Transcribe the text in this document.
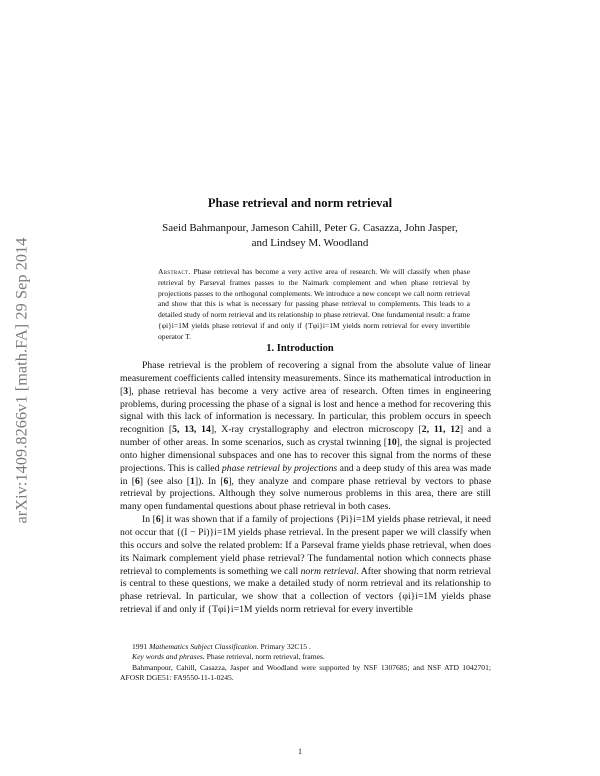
arXiv:1409.8266v1 [math.FA] 29 Sep 2014
Phase retrieval and norm retrieval
Saeid Bahmanpour, Jameson Cahill, Peter G. Casazza, John Jasper,
and Lindsey M. Woodland
Abstract. Phase retrieval has become a very active area of research. We will classify when phase retrieval by Parseval frames passes to the Naimark complement and when phase retrieval by projections passes to the orthogonal complements. We introduce a new concept we call norm retrieval and show that this is what is necessary for passing phase retrieval to complements. This leads to a detailed study of norm retrieval and its relationship to phase retrieval. One fundamental result: a frame {φi}i=1M yields phase retrieval if and only if {Tφi}i=1M yields norm retrieval for every invertible operator T.
1. Introduction

Phase retrieval is the problem of recovering a signal from the absolute value of linear measurement coefficients called intensity measurements. Since its mathematical introduction in [3], phase retrieval has become a very active area of research. Often times in engineering problems, during processing the phase of a signal is lost and hence a method for recovering this signal with this lack of information is necessary. In particular, this problem occurs in speech recognition [5, 13, 14], X-ray crystallography and electron microscopy [2, 11, 12] and a number of other areas. In some scenarios, such as crystal twinning [10], the signal is projected onto higher dimensional subspaces and one has to recover this signal from the norms of these projections. This is called phase retrieval by projections and a deep study of this area was made in [6] (see also [1]). In [6], they analyze and compare phase retrieval by vectors to phase retrieval by projections. Although they solve numerous problems in this area, there are still many open fundamental questions about phase retrieval in both cases.

In [6] it was shown that if a family of projections {Pi}i=1M yields phase retrieval, it need not occur that {(I − Pi)}i=1M yields phase retrieval. In the present paper we will classify when this occurs and solve the related problem: If a Parseval frame yields phase retrieval, when does its Naimark complement yield phase retrieval? The fundamental notion which connects phase retrieval to complements is something we call norm retrieval. After showing that norm retrieval is central to these questions, we make a detailed study of norm retrieval and its relationship to phase retrieval. In particular, we show that a collection of vectors {φi}i=1M yields phase retrieval if and only if {Tφi}i=1M yields norm retrieval for every invertible

1991 Mathematics Subject Classification. Primary 32C15 .

Key words and phrases. Phase retrieval, norm retrieval, frames.

Bahmanpour, Cahill, Casazza, Jasper and Woodland were supported by NSF 1307685; and NSF ATD 1042701; AFOSR DGE51: FA9550-11-1-0245.

1
